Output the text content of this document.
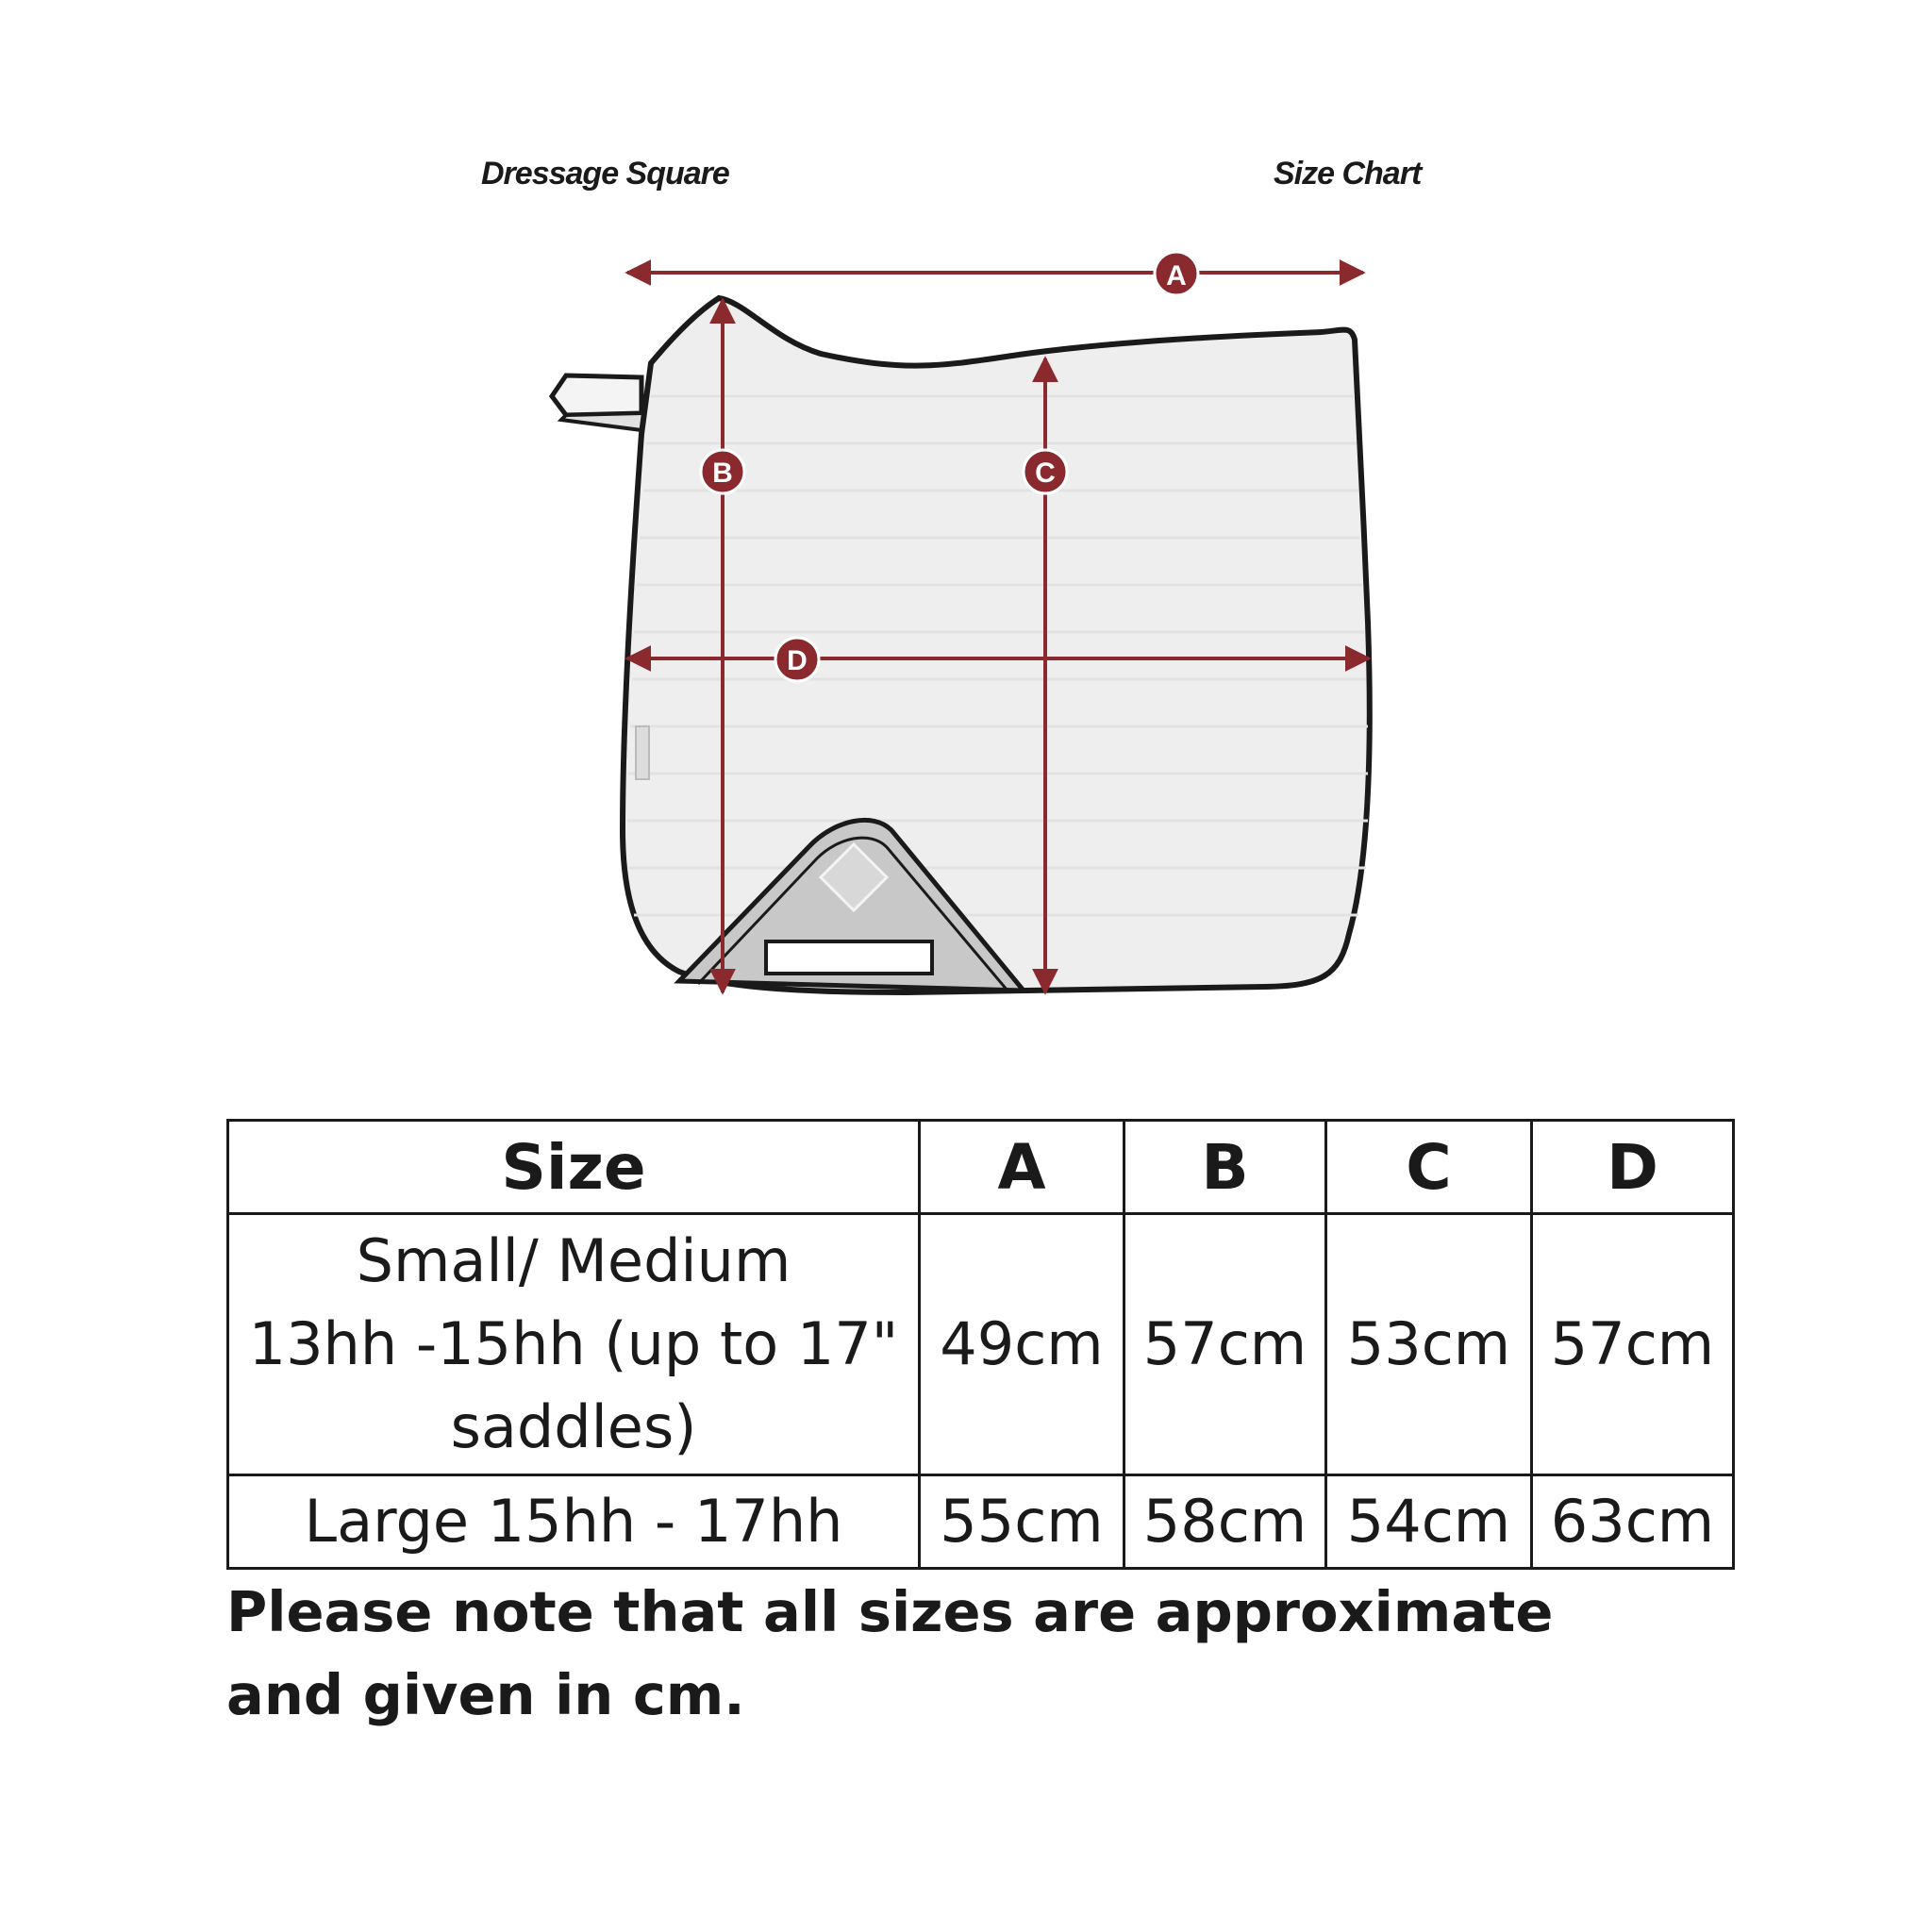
Dressage Square	Size Chart
A
B	C
D
Size	A	B	C	D

Small/ Medium
13hh -15hh (up to 17"
saddles)	49cm	57cm	53cm	57cm
Large 15hh - 17hh	55cm	58cm	54cm	63cm
Please note that all sizes are approximate
and given in cm.
